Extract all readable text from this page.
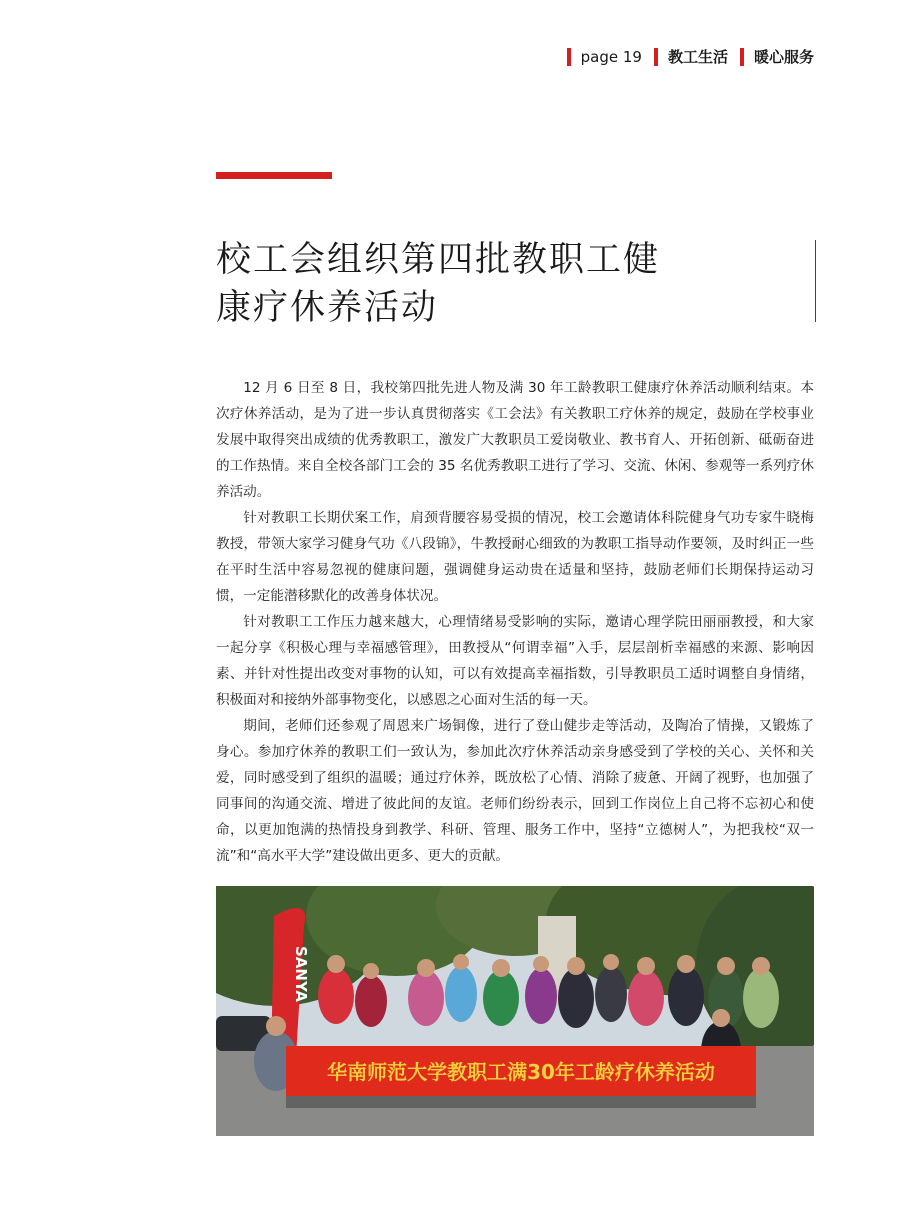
page 19 教工生活 暖心服务
校工会组织第四批教职工健
康疗休养活动

12 月 6 日至 8 日，我校第四批先进人物及满 30 年工龄教职工健康疗休养活动顺利结束。本次疗休养活动，是为了进一步认真贯彻落实《工会法》有关教职工疗休养的规定，鼓励在学校事业发展中取得突出成绩的优秀教职工，激发广大教职员工爱岗敬业、教书育人、开拓创新、砥砺奋进的工作热情。来自全校各部门工会的 35 名优秀教职工进行了学习、交流、休闲、参观等一系列疗休养活动。

针对教职工长期伏案工作，肩颈背腰容易受损的情况，校工会邀请体科院健身气功专家牛晓梅教授，带领大家学习健身气功《八段锦》，牛教授耐心细致的为教职工指导动作要领，及时纠正一些在平时生活中容易忽视的健康问题，强调健身运动贵在适量和坚持，鼓励老师们长期保持运动习惯，一定能潜移默化的改善身体状况。

针对教职工工作压力越来越大，心理情绪易受影响的实际，邀请心理学院田丽丽教授，和大家一起分享《积极心理与幸福感管理》，田教授从“何谓幸福”入手，层层剖析幸福感的来源、影响因素、并针对性提出改变对事物的认知，可以有效提高幸福指数，引导教职员工适时调整自身情绪，积极面对和接纳外部事物变化，以感恩之心面对生活的每一天。

期间，老师们还参观了周恩来广场铜像，进行了登山健步走等活动，及陶冶了情操，又锻炼了身心。参加疗休养的教职工们一致认为，参加此次疗休养活动亲身感受到了学校的关心、关怀和关爱，同时感受到了组织的温暖；通过疗休养，既放松了心情、消除了疲惫、开阔了视野，也加强了同事间的沟通交流、增进了彼此间的友谊。老师们纷纷表示，回到工作岗位上自己将不忘初心和使命，以更加饱满的热情投身到教学、科研、管理、服务工作中，坚持“立德树人”，为把我校“双一流”和“高水平大学”建设做出更多、更大的贡献。

SANYA
华南师范大学教职工满30年工龄疗休养活动
